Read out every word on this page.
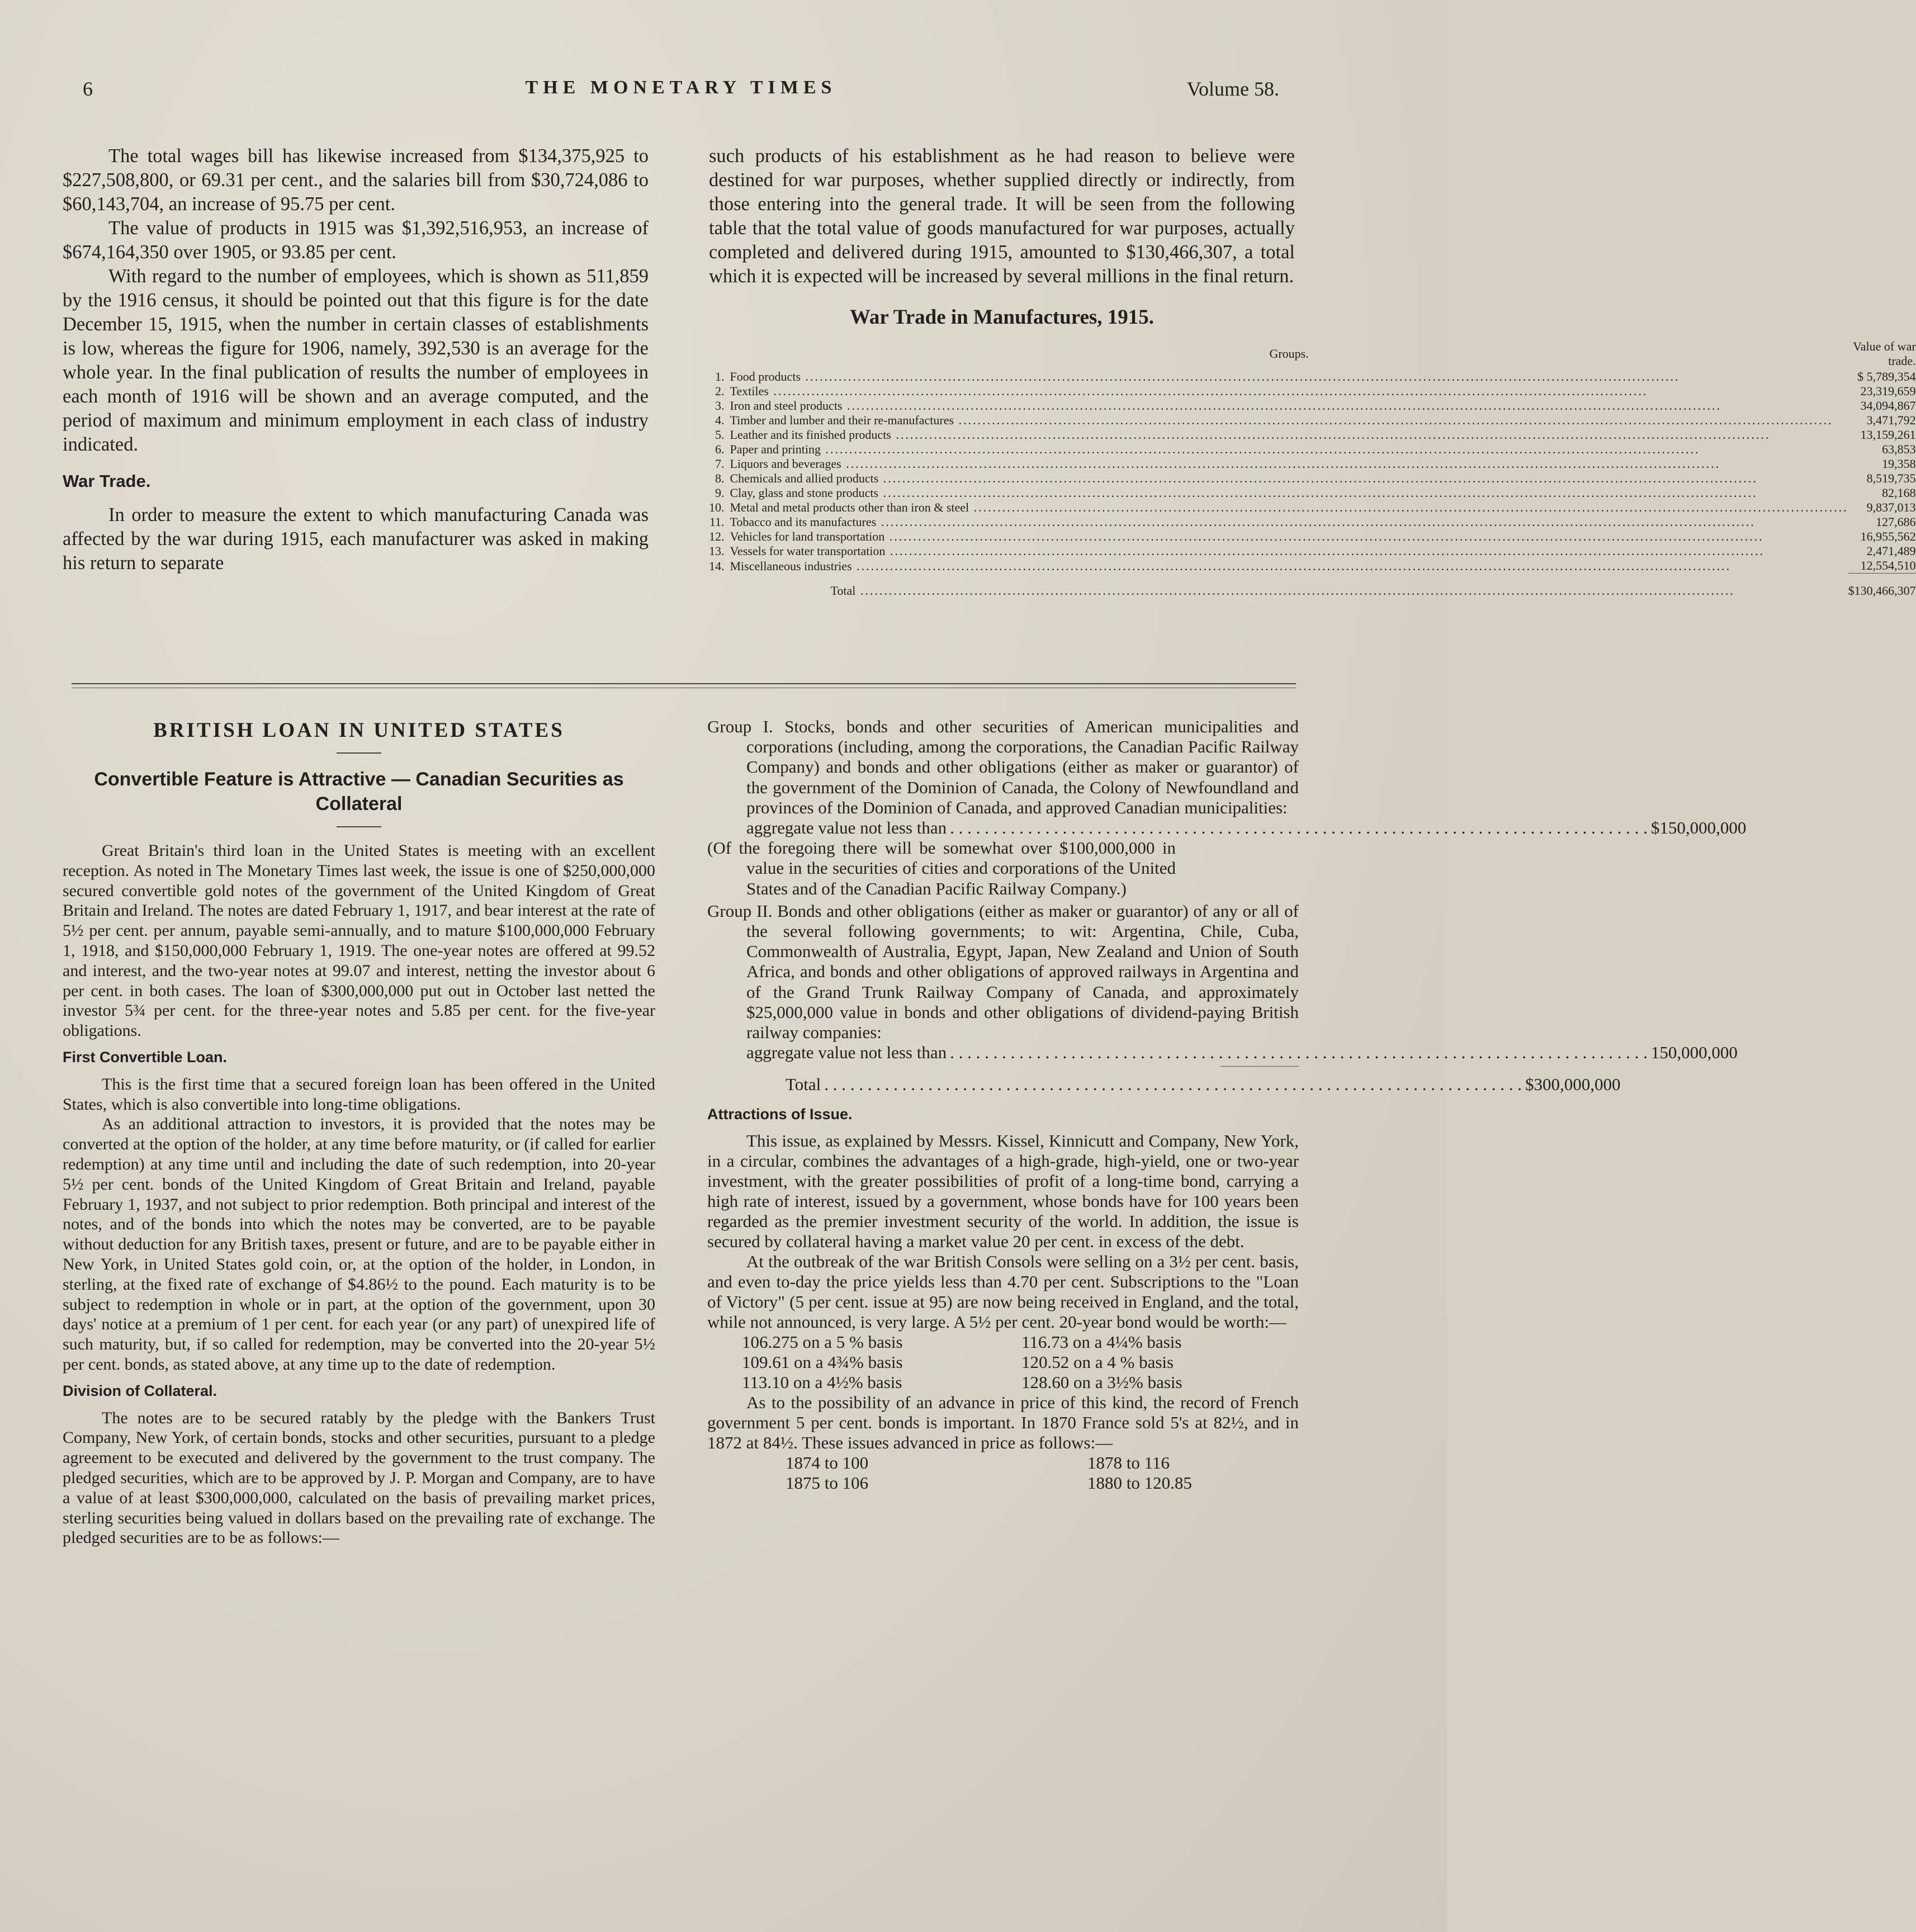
6	THE MONETARY TIMES	Volume 58.

The total wages bill has likewise increased from $134,375,925 to $227,508,800, or 69.31 per cent., and the salaries bill from $30,724,086 to $60,143,704, an increase of 95.75 per cent.

The value of products in 1915 was $1,392,516,953, an increase of $674,164,350 over 1905, or 93.85 per cent.

With regard to the number of employees, which is shown as 511,859 by the 1916 census, it should be pointed out that this figure is for the date December 15, 1915, when the number in certain classes of establishments is low, whereas the figure for 1906, namely, 392,530 is an average for the whole year. In the final publication of results the number of employees in each month of 1916 will be shown and an average computed, and the period of maximum and minimum employment in each class of industry indicated.

War Trade.

In order to measure the extent to which manufacturing Canada was affected by the war during 1915, each manufacturer was asked in making his return to separate

such products of his establishment as he had reason to believe were destined for war purposes, whether supplied directly or indirectly, from those entering into the general trade. It will be seen from the following table that the total value of goods manufactured for war purposes, actually completed and delivered during 1915, amounted to $130,466,307, a total which it is expected will be increased by several millions in the final return.

War Trade in Manufactures, 1915.
	Groups.	Value of war trade.
1.	Food products .....	$ 5,789,354
2.	Textiles .....	23,319,659
3.	Iron and steel products .....	34,094,867
4.	Timber and lumber and their re-manufactures .....	3,471,792
5.	Leather and its finished products .....	13,159,261
6.	Paper and printing .....	63,853
7.	Liquors and beverages .....	19,358
8.	Chemicals and allied products .....	8,519,735
9.	Clay, glass and stone products .....	82,168
10.	Metal and metal products other than iron & steel .....	9,837,013
11.	Tobacco and its manufactures .....	127,686
12.	Vehicles for land transportation .....	16,955,562
13.	Vessels for water transportation .....	2,471,489
14.	Miscellaneous industries .....	12,554,510
	Total .....	$130,466,307
BRITISH LOAN IN UNITED STATES
Convertible Feature is Attractive — Canadian Securities as Collateral

Great Britain's third loan in the United States is meeting with an excellent reception. As noted in The Monetary Times last week, the issue is one of $250,000,000 secured convertible gold notes of the government of the United Kingdom of Great Britain and Ireland. The notes are dated February 1, 1917, and bear interest at the rate of 5½ per cent. per annum, payable semi-annually, and to mature $100,000,000 February 1, 1918, and $150,000,000 February 1, 1919. The one-year notes are offered at 99.52 and interest, and the two-year notes at 99.07 and interest, netting the investor about 6 per cent. in both cases. The loan of $300,000,000 put out in October last netted the investor 5¾ per cent. for the three-year notes and 5.85 per cent. for the five-year obligations.

First Convertible Loan.

This is the first time that a secured foreign loan has been offered in the United States, which is also convertible into long-time obligations.

As an additional attraction to investors, it is provided that the notes may be converted at the option of the holder, at any time before maturity, or (if called for earlier redemption) at any time until and including the date of such redemption, into 20-year 5½ per cent. bonds of the United Kingdom of Great Britain and Ireland, payable February 1, 1937, and not subject to prior redemption. Both principal and interest of the notes, and of the bonds into which the notes may be converted, are to be payable without deduction for any British taxes, present or future, and are to be payable either in New York, in United States gold coin, or, at the option of the holder, in London, in sterling, at the fixed rate of exchange of $4.86½ to the pound. Each maturity is to be subject to redemption in whole or in part, at the option of the government, upon 30 days' notice at a premium of 1 per cent. for each year (or any part) of unexpired life of such maturity, but, if so called for redemption, may be converted into the 20-year 5½ per cent. bonds, as stated above, at any time up to the date of redemption.

Division of Collateral.

The notes are to be secured ratably by the pledge with the Bankers Trust Company, New York, of certain bonds, stocks and other securities, pursuant to a pledge agreement to be executed and delivered by the government to the trust company. The pledged securities, which are to be approved by J. P. Morgan and Company, are to have a value of at least $300,000,000, calculated on the basis of prevailing market prices, sterling securities being valued in dollars based on the prevailing rate of exchange. The pledged securities are to be as follows:—

Group I. Stocks, bonds and other securities of American municipalities and corporations (including, among the corporations, the Canadian Pacific Railway Company) and bonds and other obligations (either as maker or guarantor) of the government of the Dominion of Canada, the Colony of Newfoundland and provinces of the Dominion of Canada, and approved Canadian municipalities:
aggregate value not less than . . .	$150,000,000
(Of the foregoing there will be somewhat over $100,000,000 in value in the securities of cities and corporations of the United States and of the Canadian Pacific Railway Company.)
Group II. Bonds and other obligations (either as maker or guarantor) of any or all of the several following governments; to wit: Argentina, Chile, Cuba, Commonwealth of Australia, Egypt, Japan, New Zealand and Union of South Africa, and bonds and other obligations of approved railways in Argentina and of the Grand Trunk Railway Company of Canada, and approximately $25,000,000 value in bonds and other obligations of dividend-paying British railway companies:
aggregate value not less than . . .	150,000,000
Total . . .	$300,000,000
Attractions of Issue.

This issue, as explained by Messrs. Kissel, Kinnicutt and Company, New York, in a circular, combines the advantages of a high-grade, high-yield, one or two-year investment, with the greater possibilities of profit of a long-time bond, carrying a high rate of interest, issued by a government, whose bonds have for 100 years been regarded as the premier investment security of the world. In addition, the issue is secured by collateral having a market value 20 per cent. in excess of the debt.

At the outbreak of the war British Consols were selling on a 3½ per cent. basis, and even to-day the price yields less than 4.70 per cent. Subscriptions to the "Loan of Victory" (5 per cent. issue at 95) are now being received in England, and the total, while not announced, is very large. A 5½ per cent. 20-year bond would be worth:—

106.275 on a 5 % basis	116.73 on a 4¼% basis
109.61 on a 4¾% basis	120.52 on a 4 % basis
113.10 on a 4½% basis	128.60 on a 3½% basis

As to the possibility of an advance in price of this kind, the record of French government 5 per cent. bonds is important. In 1870 France sold 5's at 82½, and in 1872 at 84½. These issues advanced in price as follows:—

1874 to 100	1878 to 116
1875 to 106	1880 to 120.85
